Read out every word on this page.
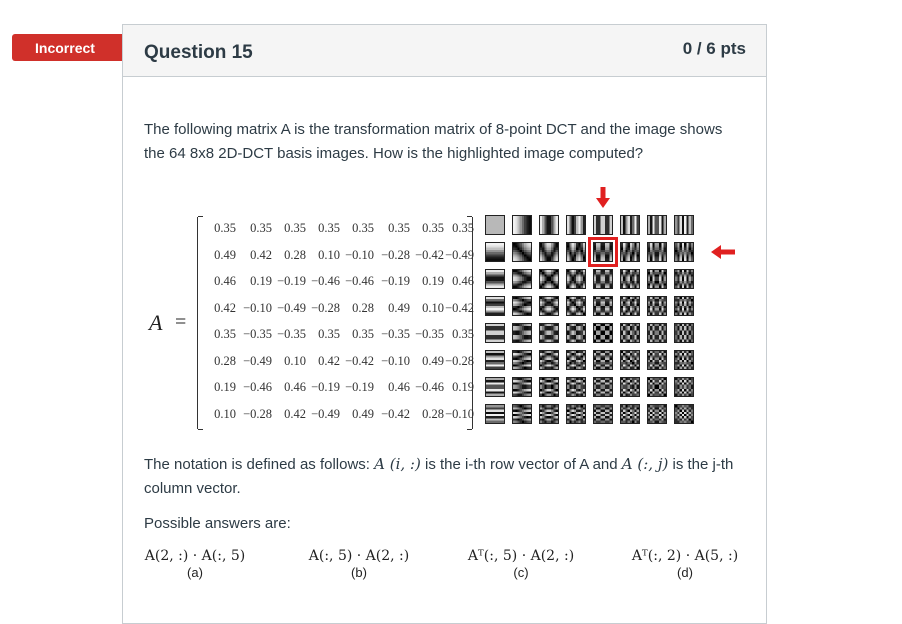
Incorrect	Question 15	0 / 6 pts
The following matrix A is the transformation matrix of 8-point DCT and the image shows the 64 8x8 2D-DCT basis images. How is the highlighted image computed?
A =
0.35	0.35 0.35 0.35 0.35	0.35 0.35 0.35
0.49	0.42 0.28 0.10 −0.10 −0.28 −0.42 −0.49
0.46	0.19 −0.19 −0.46 −0.46 −0.19 0.19 0.46
0.42 −0.10 −0.49 −0.28 0.28	0.49 0.10 −0.42
0.35 −0.35 −0.35 0.35 0.35 −0.35 −0.35 0.35
0.28 −0.49 0.10 0.42 −0.42 −0.10 0.49 −0.28
0.19 −0.46 0.46 −0.19 −0.19	0.46 −0.46 0.19
0.10 −0.28 0.42 −0.49 0.49 −0.42 0.28 −0.10
The notation is defined as follows: A (i, :) is the i-th row vector of A and A (:, j) is the j-th column vector.
Possible answers are:
A(2, :) · A(:, 5)
(a)
A(:, 5) · A(2, :)
(b)
Aᵀ(:, 5) · A(2, :)
(c)
Aᵀ(:, 2) · A(5, :)
(d)
